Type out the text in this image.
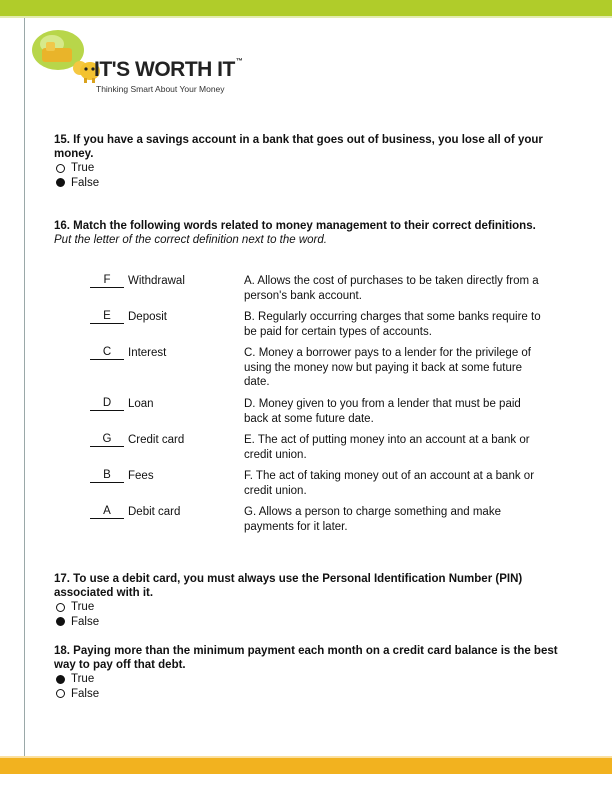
IT'S WORTH IT™
Thinking Smart About Your Money
15. If you have a savings account in a bank that goes out of business, you lose all of your money.
True
False
16. Match the following words related to money management to their correct definitions.
Put the letter of the correct definition next to the word.
F	Withdrawal	A. Allows the cost of purchases to be taken directly from a person's bank account.
E	Deposit	B. Regularly occurring charges that some banks require to be paid for certain types of accounts.
C	Interest	C. Money a borrower pays to a lender for the privilege of using the money now but paying it back at some future date.
D	Loan	D. Money given to you from a lender that must be paid back at some future date.
G	Credit card	E. The act of putting money into an account at a bank or credit union.
B	Fees	F. The act of taking money out of an account at a bank or credit union.
A	Debit card	G. Allows a person to charge something and make payments for it later.
17. To use a debit card, you must always use the Personal Identification Number (PIN) associated with it.
True
False
18. Paying more than the minimum payment each month on a credit card balance is the best way to pay off that debt.
True
False
